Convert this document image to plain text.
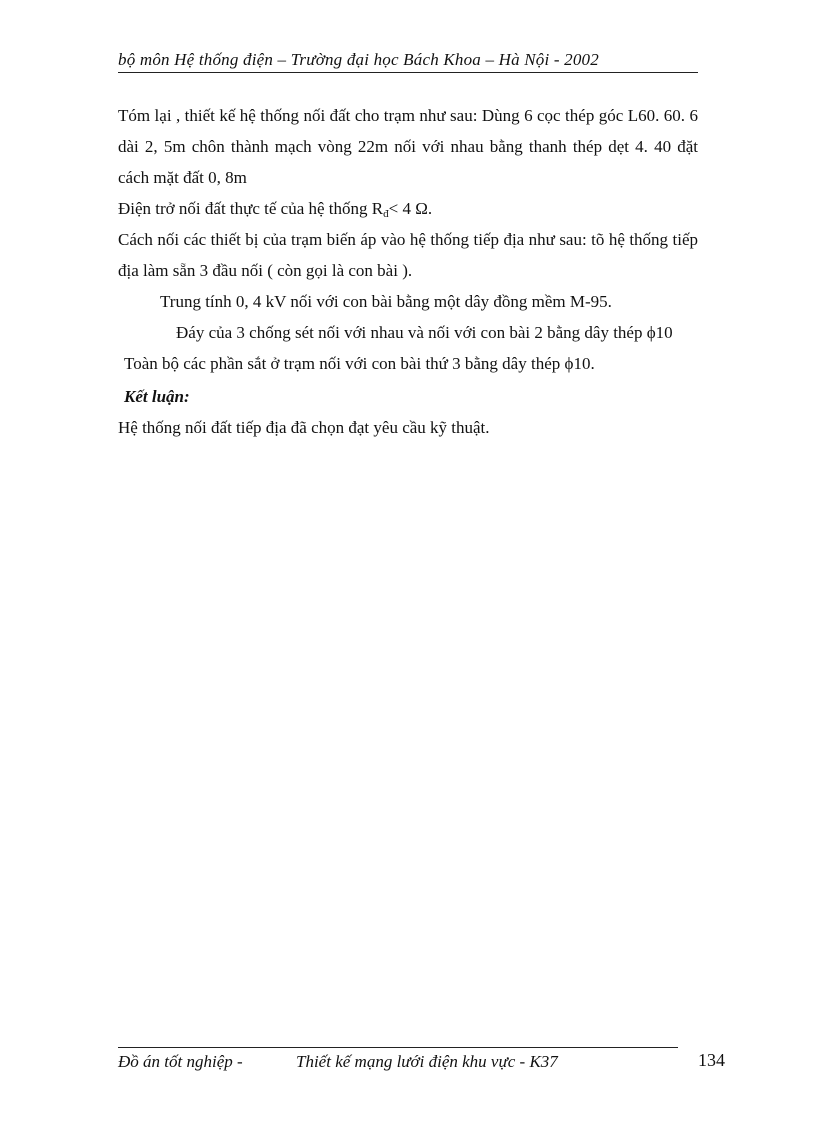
bộ môn Hệ thống điện – Trường đại học Bách Khoa – Hà Nội - 2002

Tóm lại , thiết kế hệ thống nối đất cho trạm như sau: Dùng 6 cọc thép góc L60. 60. 6 dài 2, 5m chôn thành mạch vòng 22m nối với nhau bằng thanh thép dẹt 4. 40 đặt cách mặt đất 0, 8m

Điện trở nối đất thực tế của hệ thống $R_đ< 4$ Ω.

Cách nối các thiết bị của trạm biến áp vào hệ thống tiếp địa như sau: tõ hệ thống tiếp địa làm sẵn 3 đầu nối ( còn gọi là con bài ).

Trung tính 0, 4 kV nối với con bài bằng một dây đồng mềm M-95.

Đáy của 3 chống sét nối với nhau và nối với con bài 2 bằng dây thép ϕ10

Toàn bộ các phần sắt ở trạm nối với con bài thứ 3 bằng dây thép ϕ10.

Kết luận:

Hệ thống nối đất tiếp địa đã chọn đạt yêu cầu kỹ thuật.

Đồ án tốt nghiệp -	Thiết kế mạng lưới điện khu vực - K37	134
